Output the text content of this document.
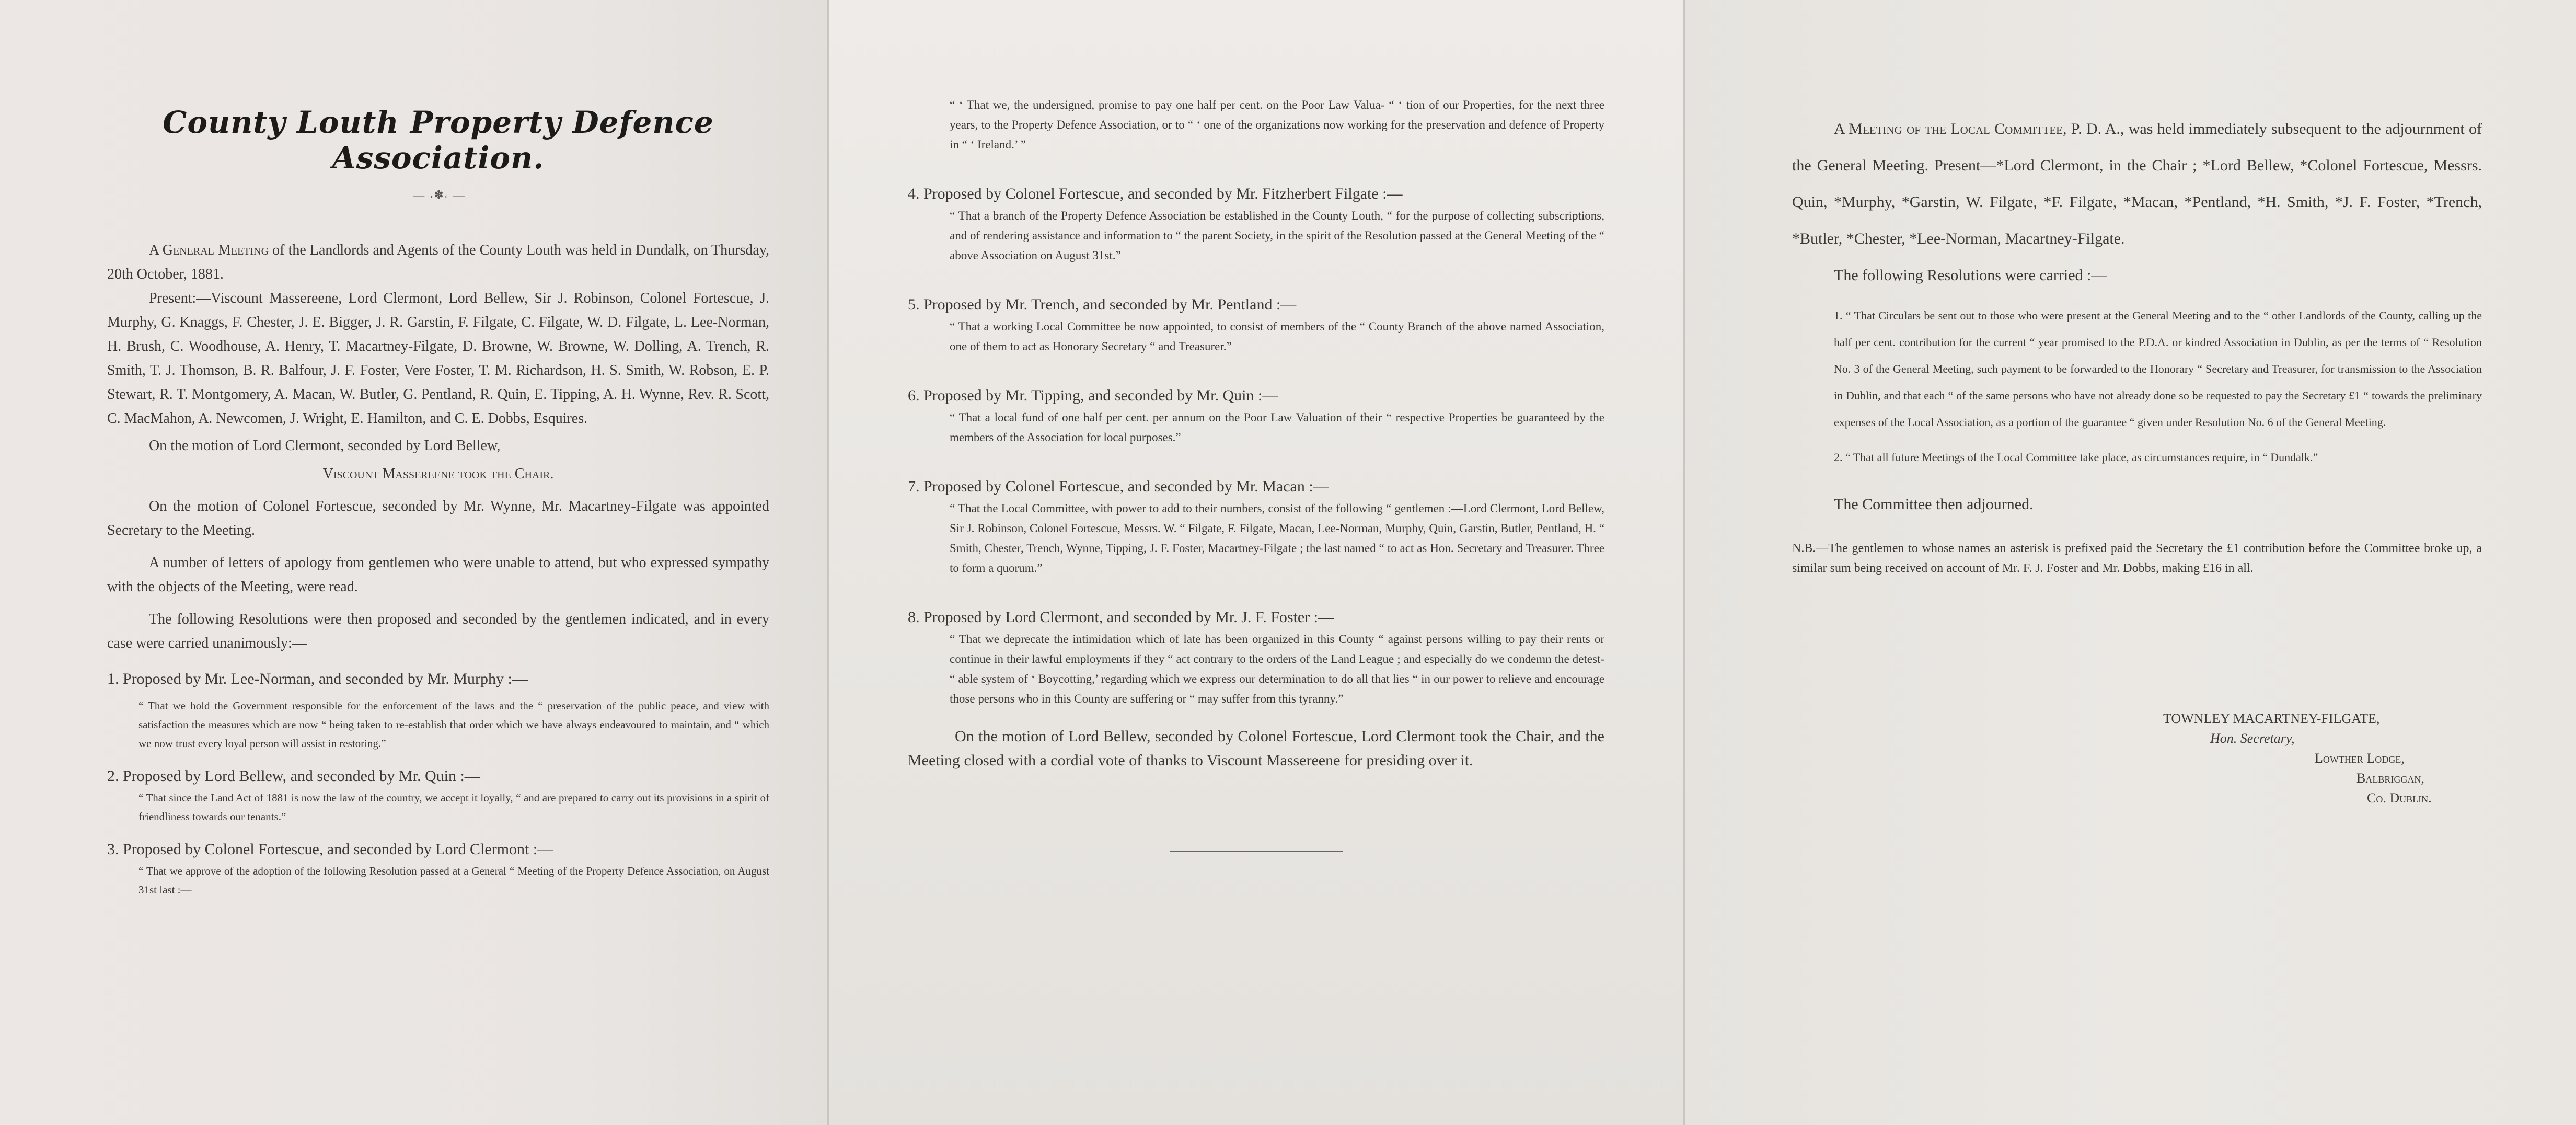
County Louth Property Defence Association.
—→✽←—

A General Meeting of the Landlords and Agents of the County Louth was held in Dundalk, on Thursday, 20th October, 1881.

Present:—Viscount Massereene, Lord Clermont, Lord Bellew, Sir J. Robinson, Colonel Fortescue, J. Murphy, G. Knaggs, F. Chester, J. E. Bigger, J. R. Garstin, F. Filgate, C. Filgate, W. D. Filgate, L. Lee-Norman, H. Brush, C. Woodhouse, A. Henry, T. Macartney-Filgate, D. Browne, W. Browne, W. Dolling, A. Trench, R. Smith, T. J. Thomson, B. R. Balfour, J. F. Foster, Vere Foster, T. M. Richardson, H. S. Smith, W. Robson, E. P. Stewart, R. T. Montgomery, A. Macan, W. Butler, G. Pentland, R. Quin, E. Tipping, A. H. Wynne, Rev. R. Scott, C. MacMahon, A. Newcomen, J. Wright, E. Hamilton, and C. E. Dobbs, Esquires.

On the motion of Lord Clermont, seconded by Lord Bellew,

Viscount Massereene took the Chair.

On the motion of Colonel Fortescue, seconded by Mr. Wynne, Mr. Macartney-Filgate was appointed Secretary to the Meeting.

A number of letters of apology from gentlemen who were unable to attend, but who expressed sympathy with the objects of the Meeting, were read.

The following Resolutions were then proposed and seconded by the gentlemen indicated, and in every case were carried unanimously:—

1. Proposed by Mr. Lee-Norman, and seconded by Mr. Murphy :—

“ That we hold the Government responsible for the enforcement of the laws and the “ preservation of the public peace, and view with satisfaction the measures which are now “ being taken to re-establish that order which we have always endeavoured to maintain, and “ which we now trust every loyal person will assist in restoring.”

2. Proposed by Lord Bellew, and seconded by Mr. Quin :—

“ That since the Land Act of 1881 is now the law of the country, we accept it loyally, “ and are prepared to carry out its provisions in a spirit of friendliness towards our tenants.”

3. Proposed by Colonel Fortescue, and seconded by Lord Clermont :—

“ That we approve of the adoption of the following Resolution passed at a General “ Meeting of the Property Defence Association, on August 31st last :—

“ ‘ That we, the undersigned, promise to pay one half per cent. on the Poor Law Valua- “ ‘ tion of our Properties, for the next three years, to the Property Defence Association, or to “ ‘ one of the organizations now working for the preservation and defence of Property in “ ‘ Ireland.’ ”

4. Proposed by Colonel Fortescue, and seconded by Mr. Fitzherbert Filgate :—

“ That a branch of the Property Defence Association be established in the County Louth, “ for the purpose of collecting subscriptions, and of rendering assistance and information to “ the parent Society, in the spirit of the Resolution passed at the General Meeting of the “ above Association on August 31st.”

5. Proposed by Mr. Trench, and seconded by Mr. Pentland :—

“ That a working Local Committee be now appointed, to consist of members of the “ County Branch of the above named Association, one of them to act as Honorary Secretary “ and Treasurer.”

6. Proposed by Mr. Tipping, and seconded by Mr. Quin :—

“ That a local fund of one half per cent. per annum on the Poor Law Valuation of their “ respective Properties be guaranteed by the members of the Association for local purposes.”

7. Proposed by Colonel Fortescue, and seconded by Mr. Macan :—

“ That the Local Committee, with power to add to their numbers, consist of the following “ gentlemen :—Lord Clermont, Lord Bellew, Sir J. Robinson, Colonel Fortescue, Messrs. W. “ Filgate, F. Filgate, Macan, Lee-Norman, Murphy, Quin, Garstin, Butler, Pentland, H. “ Smith, Chester, Trench, Wynne, Tipping, J. F. Foster, Macartney-Filgate ; the last named “ to act as Hon. Secretary and Treasurer. Three to form a quorum.”

8. Proposed by Lord Clermont, and seconded by Mr. J. F. Foster :—

“ That we deprecate the intimidation which of late has been organized in this County “ against persons willing to pay their rents or continue in their lawful employments if they “ act contrary to the orders of the Land League ; and especially do we condemn the detest- “ able system of ‘ Boycotting,’ regarding which we express our determination to do all that lies “ in our power to relieve and encourage those persons who in this County are suffering or “ may suffer from this tyranny.”

On the motion of Lord Bellew, seconded by Colonel Fortescue, Lord Clermont took the Chair, and the Meeting closed with a cordial vote of thanks to Viscount Massereene for presiding over it.

A Meeting of the Local Committee, P. D. A., was held immediately subsequent to the adjournment of the General Meeting. Present—*Lord Clermont, in the Chair ; *Lord Bellew, *Colonel Fortescue, Messrs. Quin, *Murphy, *Garstin, W. Filgate, *F. Filgate, *Macan, *Pentland, *H. Smith, *J. F. Foster, *Trench, *Butler, *Chester, *Lee-Norman, Macartney-Filgate.

The following Resolutions were carried :—

1. “ That Circulars be sent out to those who were present at the General Meeting and to the “ other Landlords of the County, calling up the half per cent. contribution for the current “ year promised to the P.D.A. or kindred Association in Dublin, as per the terms of “ Resolution No. 3 of the General Meeting, such payment to be forwarded to the Honorary “ Secretary and Treasurer, for transmission to the Association in Dublin, and that each “ of the same persons who have not already done so be requested to pay the Secretary £1 “ towards the preliminary expenses of the Local Association, as a portion of the guarantee “ given under Resolution No. 6 of the General Meeting.

2. “ That all future Meetings of the Local Committee take place, as circumstances require, in “ Dundalk.”

The Committee then adjourned.

N.B.—The gentlemen to whose names an asterisk is prefixed paid the Secretary the £1 contribution before the Committee broke up, a similar sum being received on account of Mr. F. J. Foster and Mr. Dobbs, making £16 in all.

TOWNLEY MACARTNEY-FILGATE,
Hon. Secretary,
Lowther Lodge,
Balbriggan,
Co. Dublin.
